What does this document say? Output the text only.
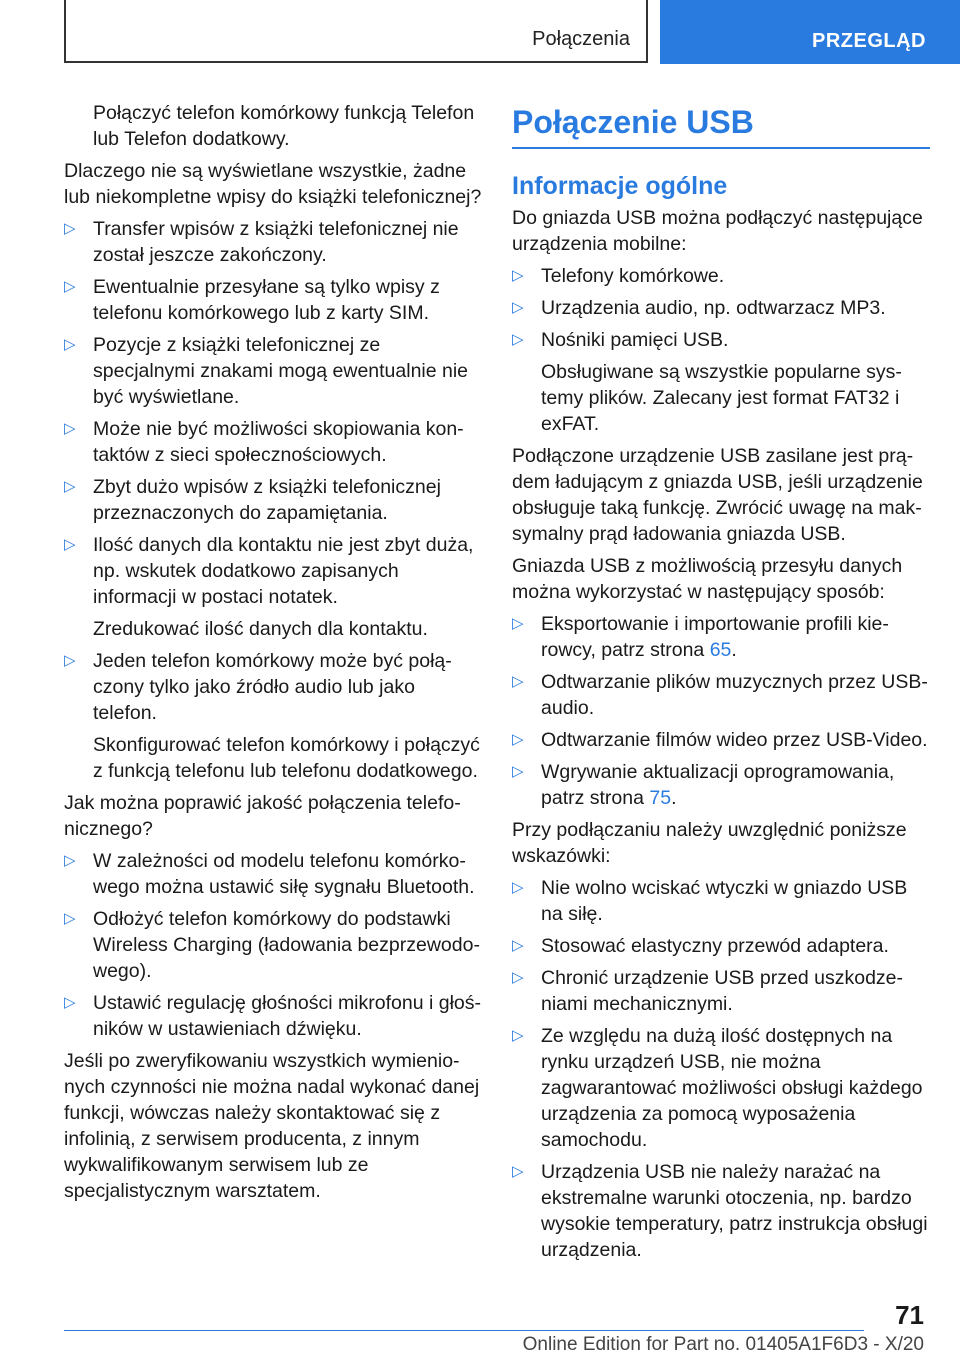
Połączenia	PRZEGLĄD

Połączyć telefon komórkowy funkcją Telefon lub Telefon dodatkowy.

Dlaczego nie są wyświetlane wszystkie, żadne lub niekompletne wpisy do książki telefonicznej?

▷ Transfer wpisów z książki telefonicznej nie został jeszcze zakończony.
▷ Ewentualnie przesyłane są tylko wpisy z telefonu komórkowego lub z karty SIM.
▷ Pozycje z książki telefonicznej ze specjalnymi znakami mogą ewentualnie nie być wyświetlane.
▷ Może nie być możliwości skopiowania kontaktów z sieci społecznościowych.
▷ Zbyt dużo wpisów z książki telefonicznej przeznaczonych do zapamiętania.
▷ Ilość danych dla kontaktu nie jest zbyt duża, np. wskutek dodatkowo zapisanych informacji w postaci notatek.

Zredukować ilość danych dla kontaktu.

▷ Jeden telefon komórkowy może być połączony tylko jako źródło audio lub jako telefon.

Skonfigurować telefon komórkowy i połączyć z funkcją telefonu lub telefonu dodatkowego.

Jak można poprawić jakość połączenia telefonicznego?

▷ W zależności od modelu telefonu komórkowego można ustawić siłę sygnału Bluetooth.
▷ Odłożyć telefon komórkowy do podstawki Wireless Charging (ładowania bezprzewodowego).
▷ Ustawić regulację głośności mikrofonu i głośników w ustawieniach dźwięku.

Jeśli po zweryfikowaniu wszystkich wymienionych czynności nie można nadal wykonać danej funkcji, wówczas należy skontaktować się z infolinią, z serwisem producenta, z innym wykwalifikowanym serwisem lub ze specjalistycznym warsztatem.

Połączenie USB
Informacje ogólne

Do gniazda USB można podłączyć następujące urządzenia mobilne:

▷ Telefony komórkowe.
▷ Urządzenia audio, np. odtwarzacz MP3.
▷ Nośniki pamięci USB.

Obsługiwane są wszystkie popularne systemy plików. Zalecany jest format FAT32 i exFAT.

Podłączone urządzenie USB zasilane jest prądem ładującym z gniazda USB, jeśli urządzenie obsługuje taką funkcję. Zwrócić uwagę na maksymalny prąd ładowania gniazda USB.

Gniazda USB z możliwością przesyłu danych można wykorzystać w następujący sposób:

▷ Eksportowanie i importowanie profili kierowcy, patrz strona 65.
▷ Odtwarzanie plików muzycznych przez USB-audio.
▷ Odtwarzanie filmów wideo przez USB-Video.
▷ Wgrywanie aktualizacji oprogramowania, patrz strona 75.

Przy podłączaniu należy uwzględnić poniższe wskazówki:

▷ Nie wolno wciskać wtyczki w gniazdo USB na siłę.
▷ Stosować elastyczny przewód adaptera.
▷ Chronić urządzenie USB przed uszkodzeniami mechanicznymi.
▷ Ze względu na dużą ilość dostępnych na rynku urządzeń USB, nie można zagwarantować możliwości obsługi każdego urządzenia za pomocą wyposażenia samochodu.
▷ Urządzenia USB nie należy narażać na ekstremalne warunki otoczenia, np. bardzo wysokie temperatury, patrz instrukcja obsługi urządzenia.
71
Online Edition for Part no. 01405A1F6D3 - X/20
